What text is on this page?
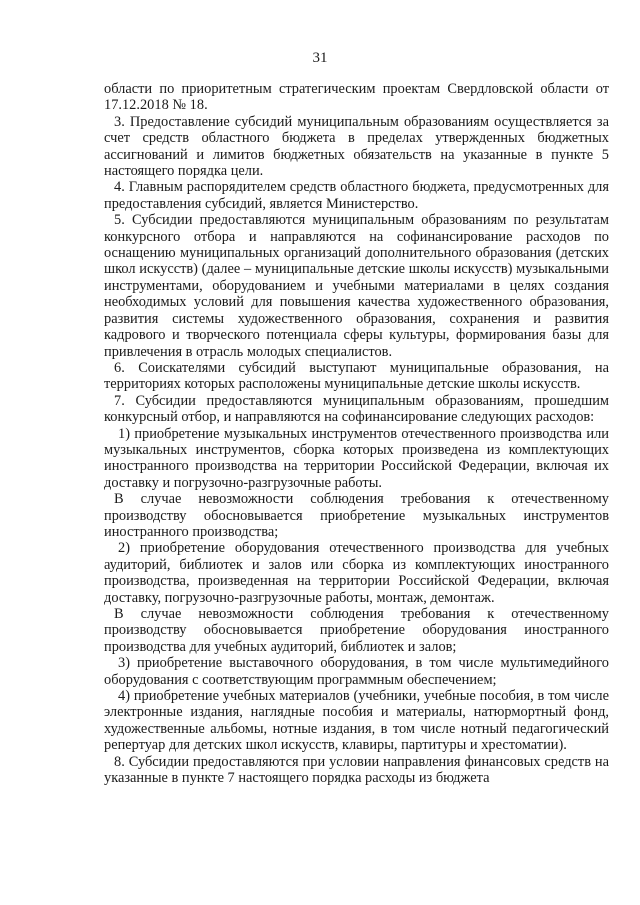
31

области по приоритетным стратегическим проектам Свердловской области от 17.12.2018 № 18.

3. Предоставление субсидий муниципальным образованиям осуществляется за счет средств областного бюджета в пределах утвержденных бюджетных ассигнований и лимитов бюджетных обязательств на указанные в пункте 5 настоящего порядка цели.

4. Главным распорядителем средств областного бюджета, предусмотренных для предоставления субсидий, является Министерство.

5. Субсидии предоставляются муниципальным образованиям по результатам конкурсного отбора и направляются на софинансирование расходов по оснащению муниципальных организаций дополнительного образования (детских школ искусств) (далее – муниципальные детские школы искусств) музыкальными инструментами, оборудованием и учебными материалами в целях создания необходимых условий для повышения качества художественного образования, развития системы художественного образования, сохранения и развития кадрового и творческого потенциала сферы культуры, формирования базы для привлечения в отрасль молодых специалистов.

6. Соискателями субсидий выступают муниципальные образования, на территориях которых расположены муниципальные детские школы искусств.

7. Субсидии предоставляются муниципальным образованиям, прошедшим конкурсный отбор, и направляются на софинансирование следующих расходов:

1) приобретение музыкальных инструментов отечественного производства или музыкальных инструментов, сборка которых произведена из комплектующих иностранного производства на территории Российской Федерации, включая их доставку и погрузочно-разгрузочные работы.

В случае невозможности соблюдения требования к отечественному производству обосновывается приобретение музыкальных инструментов иностранного производства;

2) приобретение оборудования отечественного производства для учебных аудиторий, библиотек и залов или сборка из комплектующих иностранного производства, произведенная на территории Российской Федерации, включая доставку, погрузочно-разгрузочные работы, монтаж, демонтаж.

В случае невозможности соблюдения требования к отечественному производству обосновывается приобретение оборудования иностранного производства для учебных аудиторий, библиотек и залов;

3) приобретение выставочного оборудования, в том числе мультимедийного оборудования с соответствующим программным обеспечением;

4) приобретение учебных материалов (учебники, учебные пособия, в том числе электронные издания, наглядные пособия и материалы, натюрмортный фонд, художественные альбомы, нотные издания, в том числе нотный педагогический репертуар для детских школ искусств, клавиры, партитуры и хрестоматии).

8. Субсидии предоставляются при условии направления финансовых средств на указанные в пункте 7 настоящего порядка расходы из бюджета
